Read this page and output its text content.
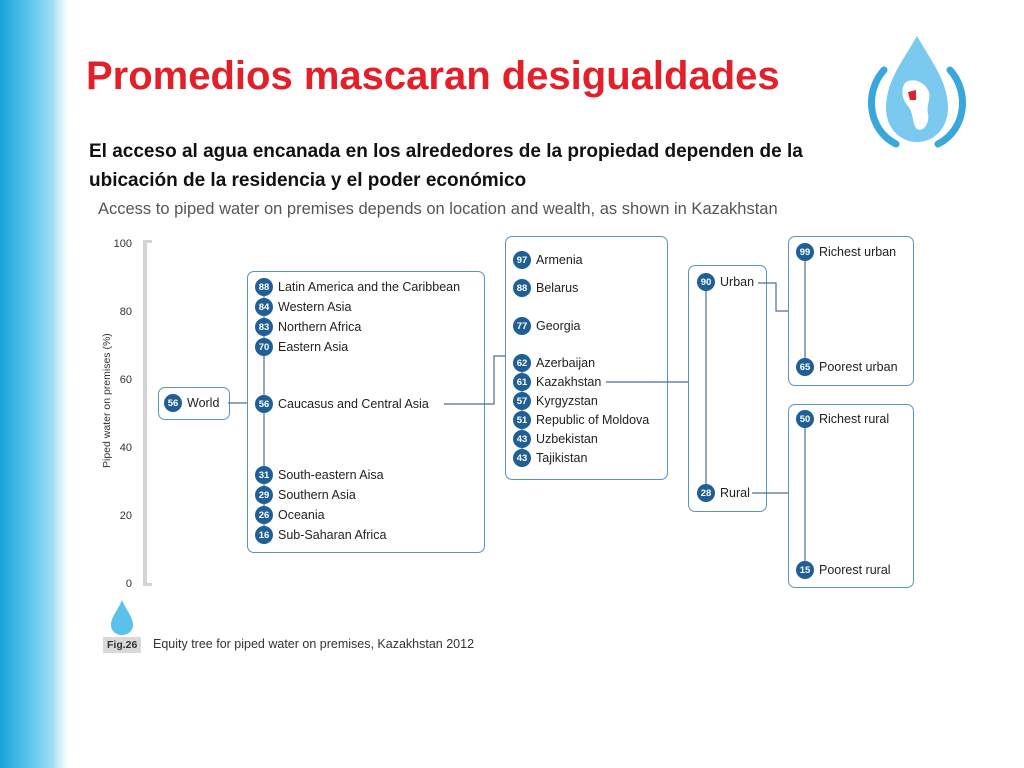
Promedios mascaran desigualdades
El acceso al agua encanada en los alrededores de la propiedad dependen de la ubicación de la residencia y el poder económico
Access to piped water on premises depends on location and wealth, as shown in Kazakhstan
Piped water on premises (%)
100
80
60
40
20
0
56 World
88 Latin America and the Caribbean
84 Western Asia
83 Northern Africa
70 Eastern Asia
56 Caucasus and Central Asia
31 South-eastern Aisa
29 Southern Asia
26 Oceania
16 Sub-Saharan Africa
97 Armenia
88 Belarus
77 Georgia
62 Azerbaijan
61 Kazakhstan
57 Kyrgyzstan
51 Republic of Moldova
43 Uzbekistan
43 Tajikistan
90 Urban
28 Rural
99 Richest urban
65 Poorest urban
50 Richest rural
15 Poorest rural
Fig.26	Equity tree for piped water on premises, Kazakhstan 2012
